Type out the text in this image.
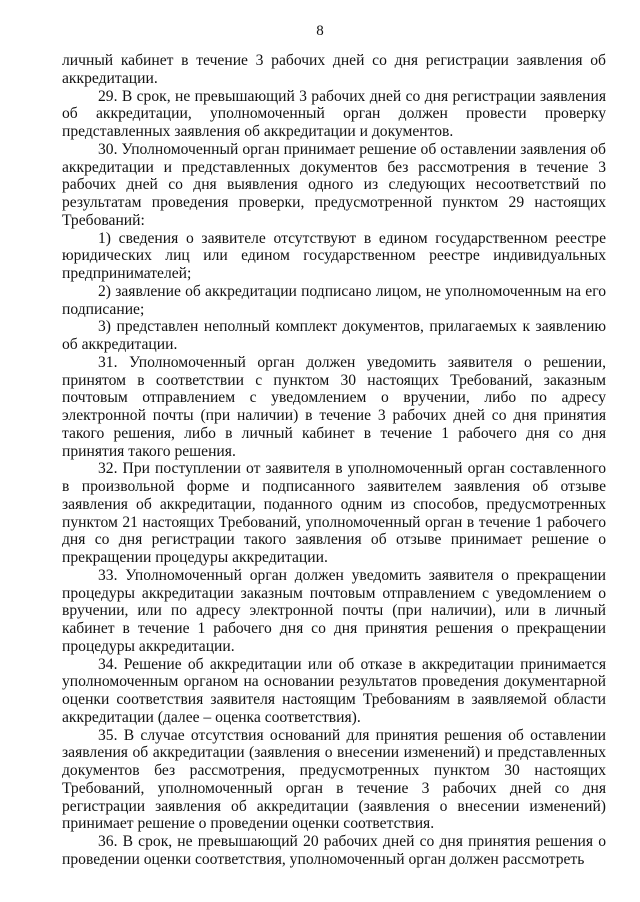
8

личный кабинет в течение 3 рабочих дней со дня регистрации заявления об аккредитации.

29. В срок, не превышающий 3 рабочих дней со дня регистрации заявления об аккредитации, уполномоченный орган должен провести проверку представленных заявления об аккредитации и документов.

30. Уполномоченный орган принимает решение об оставлении заявления об аккредитации и представленных документов без рассмотрения в течение 3 рабочих дней со дня выявления одного из следующих несоответствий по результатам проведения проверки, предусмотренной пунктом 29 настоящих Требований:

1) сведения о заявителе отсутствуют в едином государственном реестре юридических лиц или едином государственном реестре индивидуальных предпринимателей;

2) заявление об аккредитации подписано лицом, не уполномоченным на его подписание;

3) представлен неполный комплект документов, прилагаемых к заявлению об аккредитации.

31. Уполномоченный орган должен уведомить заявителя о решении, принятом в соответствии с пунктом 30 настоящих Требований, заказным почтовым отправлением с уведомлением о вручении, либо по адресу электронной почты (при наличии) в течение 3 рабочих дней со дня принятия такого решения, либо в личный кабинет в течение 1 рабочего дня со дня принятия такого решения.

32. При поступлении от заявителя в уполномоченный орган составленного в произвольной форме и подписанного заявителем заявления об отзыве заявления об аккредитации, поданного одним из способов, предусмотренных пунктом 21 настоящих Требований, уполномоченный орган в течение 1 рабочего дня со дня регистрации такого заявления об отзыве принимает решение о прекращении процедуры аккредитации.

33. Уполномоченный орган должен уведомить заявителя о прекращении процедуры аккредитации заказным почтовым отправлением с уведомлением о вручении, или по адресу электронной почты (при наличии), или в личный кабинет в течение 1 рабочего дня со дня принятия решения о прекращении процедуры аккредитации.

34. Решение об аккредитации или об отказе в аккредитации принимается уполномоченным органом на основании результатов проведения документарной оценки соответствия заявителя настоящим Требованиям в заявляемой области аккредитации (далее – оценка соответствия).

35. В случае отсутствия оснований для принятия решения об оставлении заявления об аккредитации (заявления о внесении изменений) и представленных документов без рассмотрения, предусмотренных пунктом 30 настоящих Требований, уполномоченный орган в течение 3 рабочих дней со дня регистрации заявления об аккредитации (заявления о внесении изменений) принимает решение о проведении оценки соответствия.

36. В срок, не превышающий 20 рабочих дней со дня принятия решения о проведении оценки соответствия, уполномоченный орган должен рассмотреть
